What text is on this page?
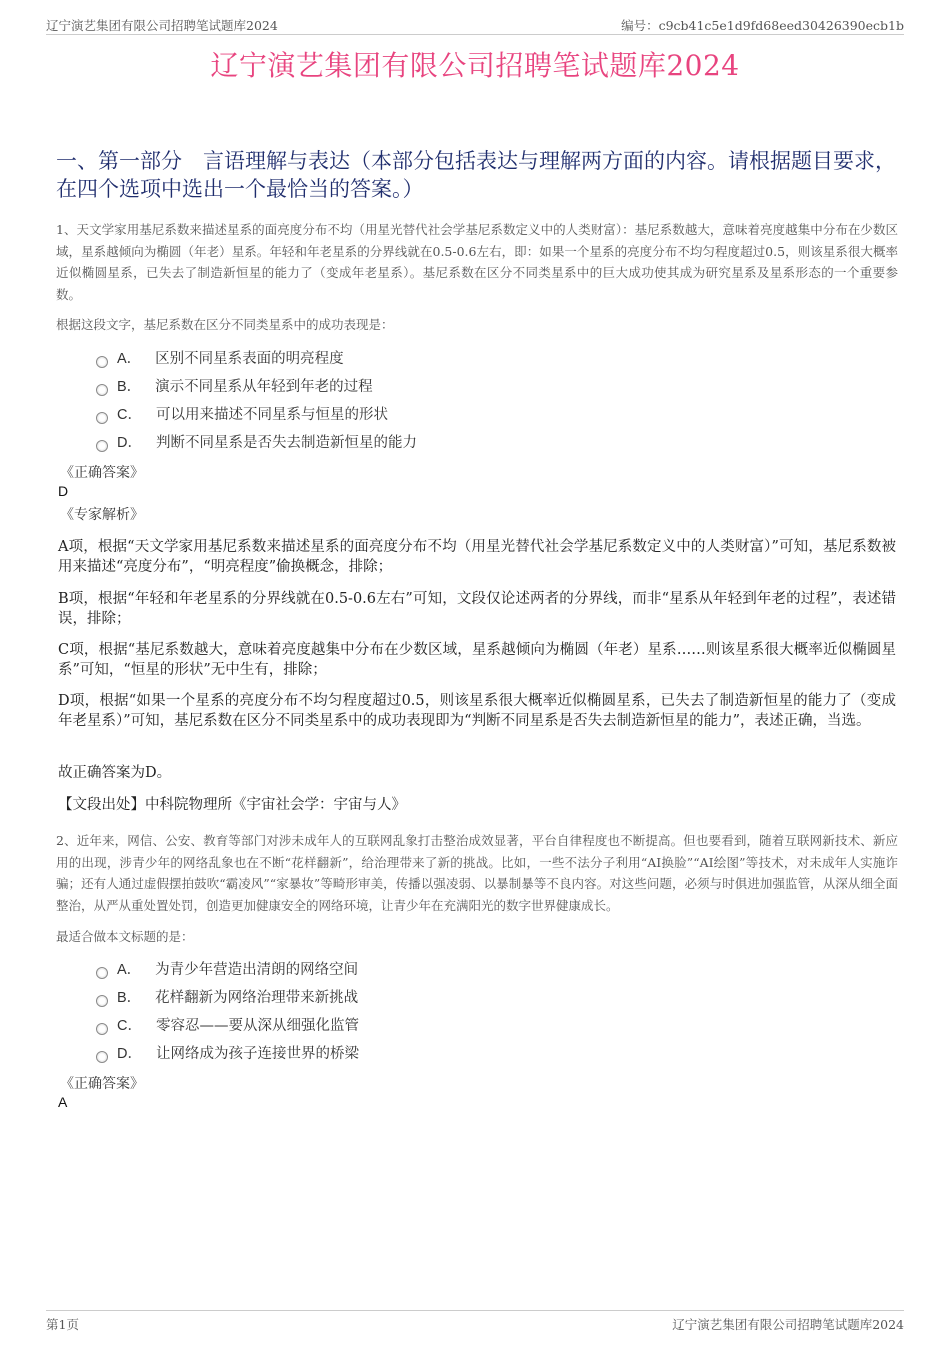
辽宁演艺集团有限公司招聘笔试题库2024	编号：c9cb41c5e1d9fd68eed30426390ecb1b
辽宁演艺集团有限公司招聘笔试题库2024
一、第一部分　言语理解与表达（本部分包括表达与理解两方面的内容。请根据题目要求，在四个选项中选出一个最恰当的答案。）
1、天文学家用基尼系数来描述星系的面亮度分布不均（用星光替代社会学基尼系数定义中的人类财富）：基尼系数越大，意味着亮度越集中分布在少数区域，星系越倾向为椭圆（年老）星系。年轻和年老星系的分界线就在0.5-0.6左右，即：如果一个星系的亮度分布不均匀程度超过0.5，则该星系很大概率近似椭圆星系，已失去了制造新恒星的能力了（变成年老星系）。基尼系数在区分不同类星系中的巨大成功使其成为研究星系及星系形态的一个重要参数。
根据这段文字，基尼系数在区分不同类星系中的成功表现是：
A． 区别不同星系表面的明亮程度
B． 演示不同星系从年轻到年老的过程
C． 可以用来描述不同星系与恒星的形状
D． 判断不同星系是否失去制造新恒星的能力
《正确答案》
D
《专家解析》
A项，根据“天文学家用基尼系数来描述星系的面亮度分布不均（用星光替代社会学基尼系数定义中的人类财富）”可知，基尼系数被用来描述“亮度分布”，“明亮程度”偷换概念，排除；
B项，根据“年轻和年老星系的分界线就在0.5-0.6左右”可知，文段仅论述两者的分界线，而非“星系从年轻到年老的过程”，表述错误，排除；
C项，根据“基尼系数越大，意味着亮度越集中分布在少数区域，星系越倾向为椭圆（年老）星系……则该星系很大概率近似椭圆星系”可知，“恒星的形状”无中生有，排除；
D项，根据“如果一个星系的亮度分布不均匀程度超过0.5，则该星系很大概率近似椭圆星系，已失去了制造新恒星的能力了（变成年老星系）”可知，基尼系数在区分不同类星系中的成功表现即为“判断不同星系是否失去制造新恒星的能力”，表述正确，当选。
故正确答案为D。
【文段出处】中科院物理所《宇宙社会学：宇宙与人》
2、近年来，网信、公安、教育等部门对涉未成年人的互联网乱象打击整治成效显著，平台自律程度也不断提高。但也要看到，随着互联网新技术、新应用的出现，涉青少年的网络乱象也在不断“花样翻新”，给治理带来了新的挑战。比如，一些不法分子利用“AI换脸”“AI绘图”等技术，对未成年人实施诈骗；还有人通过虚假摆拍鼓吹“霸凌风”“家暴妆”等畸形审美，传播以强凌弱、以暴制暴等不良内容。对这些问题，必须与时俱进加强监管，从深从细全面整治，从严从重处置处罚，创造更加健康安全的网络环境，让青少年在充满阳光的数字世界健康成长。
最适合做本文标题的是：
A． 为青少年营造出清朗的网络空间
B． 花样翻新为网络治理带来新挑战
C． 零容忍——要从深从细强化监管
D． 让网络成为孩子连接世界的桥梁
《正确答案》
A
第1页	辽宁演艺集团有限公司招聘笔试题库2024
